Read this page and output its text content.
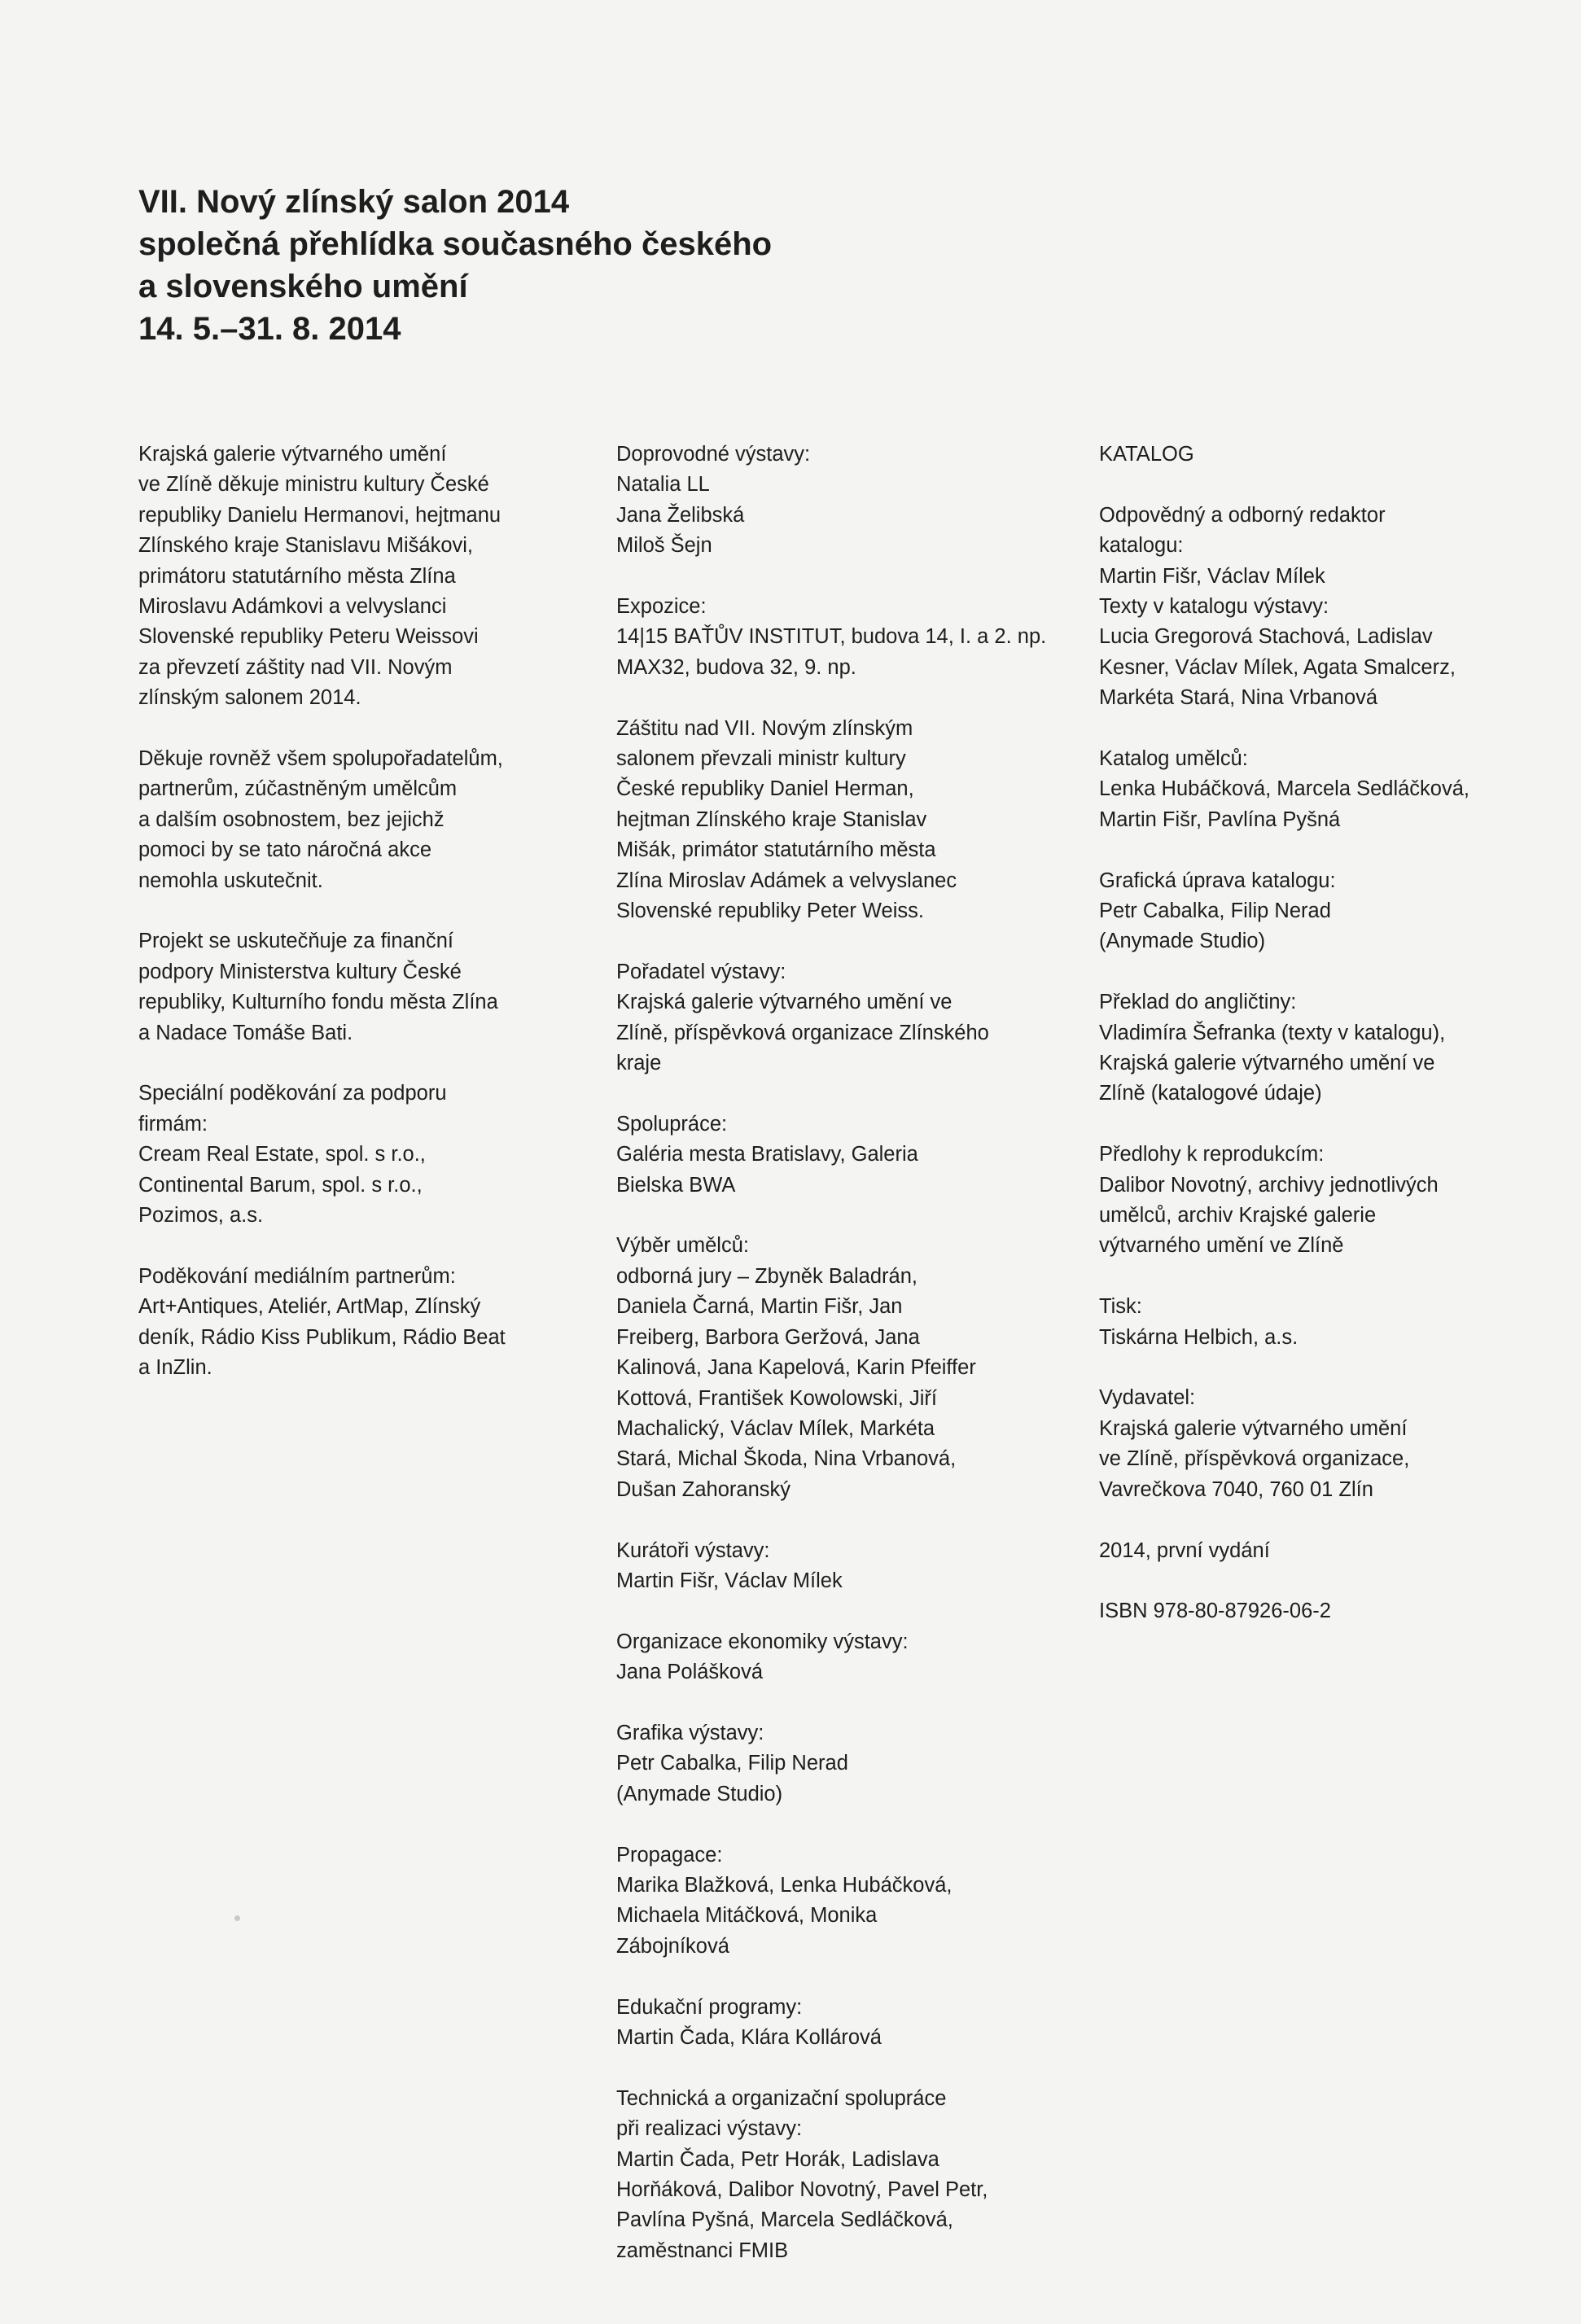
VII. Nový zlínský salon 2014
společná přehlídka současného českého
a slovenského umění
14. 5.–31. 8. 2014
Krajská galerie výtvarného umění
ve Zlíně děkuje ministru kultury České
republiky Danielu Hermanovi, hejtmanu
Zlínského kraje Stanislavu Mišákovi,
primátoru statutárního města Zlína
Miroslavu Adámkovi a velvyslanci
Slovenské republiky Peteru Weissovi
za převzetí záštity nad VII. Novým
zlínským salonem 2014.
Děkuje rovněž všem spolupořadatelům,
partnerům, zúčastněným umělcům
a dalším osobnostem, bez jejichž
pomoci by se tato náročná akce
nemohla uskutečnit.
Projekt se uskutečňuje za finanční
podpory Ministerstva kultury České
republiky, Kulturního fondu města Zlína
a Nadace Tomáše Bati.
Speciální poděkování za podporu
firmám:
Cream Real Estate, spol. s r.o.,
Continental Barum, spol. s r.o.,
Pozimos, a.s.
Poděkování mediálním partnerům:
Art+Antiques, Ateliér, ArtMap, Zlínský
deník, Rádio Kiss Publikum, Rádio Beat
a InZlin.
Doprovodné výstavy:
Natalia LL
Jana Želibská
Miloš Šejn
Expozice:
14|15 BAŤŮV INSTITUT, budova 14, I. a 2. np.
MAX32, budova 32, 9. np.
Záštitu nad VII. Novým zlínským
salonem převzali ministr kultury
České republiky Daniel Herman,
hejtman Zlínského kraje Stanislav
Mišák, primátor statutárního města
Zlína Miroslav Adámek a velvyslanec
Slovenské republiky Peter Weiss.
Pořadatel výstavy:
Krajská galerie výtvarného umění ve
Zlíně, příspěvková organizace Zlínského
kraje
Spolupráce:
Galéria mesta Bratislavy, Galeria
Bielska BWA
Výběr umělců:
odborná jury – Zbyněk Baladrán,
Daniela Čarná, Martin Fišr, Jan
Freiberg, Barbora Geržová, Jana
Kalinová, Jana Kapelová, Karin Pfeiffer
Kottová, František Kowolowski, Jiří
Machalický, Václav Mílek, Markéta
Stará, Michal Škoda, Nina Vrbanová,
Dušan Zahoranský
Kurátoři výstavy:
Martin Fišr, Václav Mílek
Organizace ekonomiky výstavy:
Jana Polášková
Grafika výstavy:
Petr Cabalka, Filip Nerad
(Anymade Studio)
Propagace:
Marika Blažková, Lenka Hubáčková,
Michaela Mitáčková, Monika
Zábojníková
Edukační programy:
Martin Čada, Klára Kollárová
Technická a organizační spolupráce
při realizaci výstavy:
Martin Čada, Petr Horák, Ladislava
Horňáková, Dalibor Novotný, Pavel Petr,
Pavlína Pyšná, Marcela Sedláčková,
zaměstnanci FMIB
KATALOG
Odpovědný a odborný redaktor
katalogu:
Martin Fišr, Václav Mílek
Texty v katalogu výstavy:
Lucia Gregorová Stachová, Ladislav
Kesner, Václav Mílek, Agata Smalcerz,
Markéta Stará, Nina Vrbanová
Katalog umělců:
Lenka Hubáčková, Marcela Sedláčková,
Martin Fišr, Pavlína Pyšná
Grafická úprava katalogu:
Petr Cabalka, Filip Nerad
(Anymade Studio)
Překlad do angličtiny:
Vladimíra Šefranka (texty v katalogu),
Krajská galerie výtvarného umění ve
Zlíně (katalogové údaje)
Předlohy k reprodukcím:
Dalibor Novotný, archivy jednotlivých
umělců, archiv Krajské galerie
výtvarného umění ve Zlíně
Tisk:
Tiskárna Helbich, a.s.
Vydavatel:
Krajská galerie výtvarného umění
ve Zlíně, příspěvková organizace,
Vavrečkova 7040, 760 01 Zlín
2014, první vydání
ISBN 978-80-87926-06-2
